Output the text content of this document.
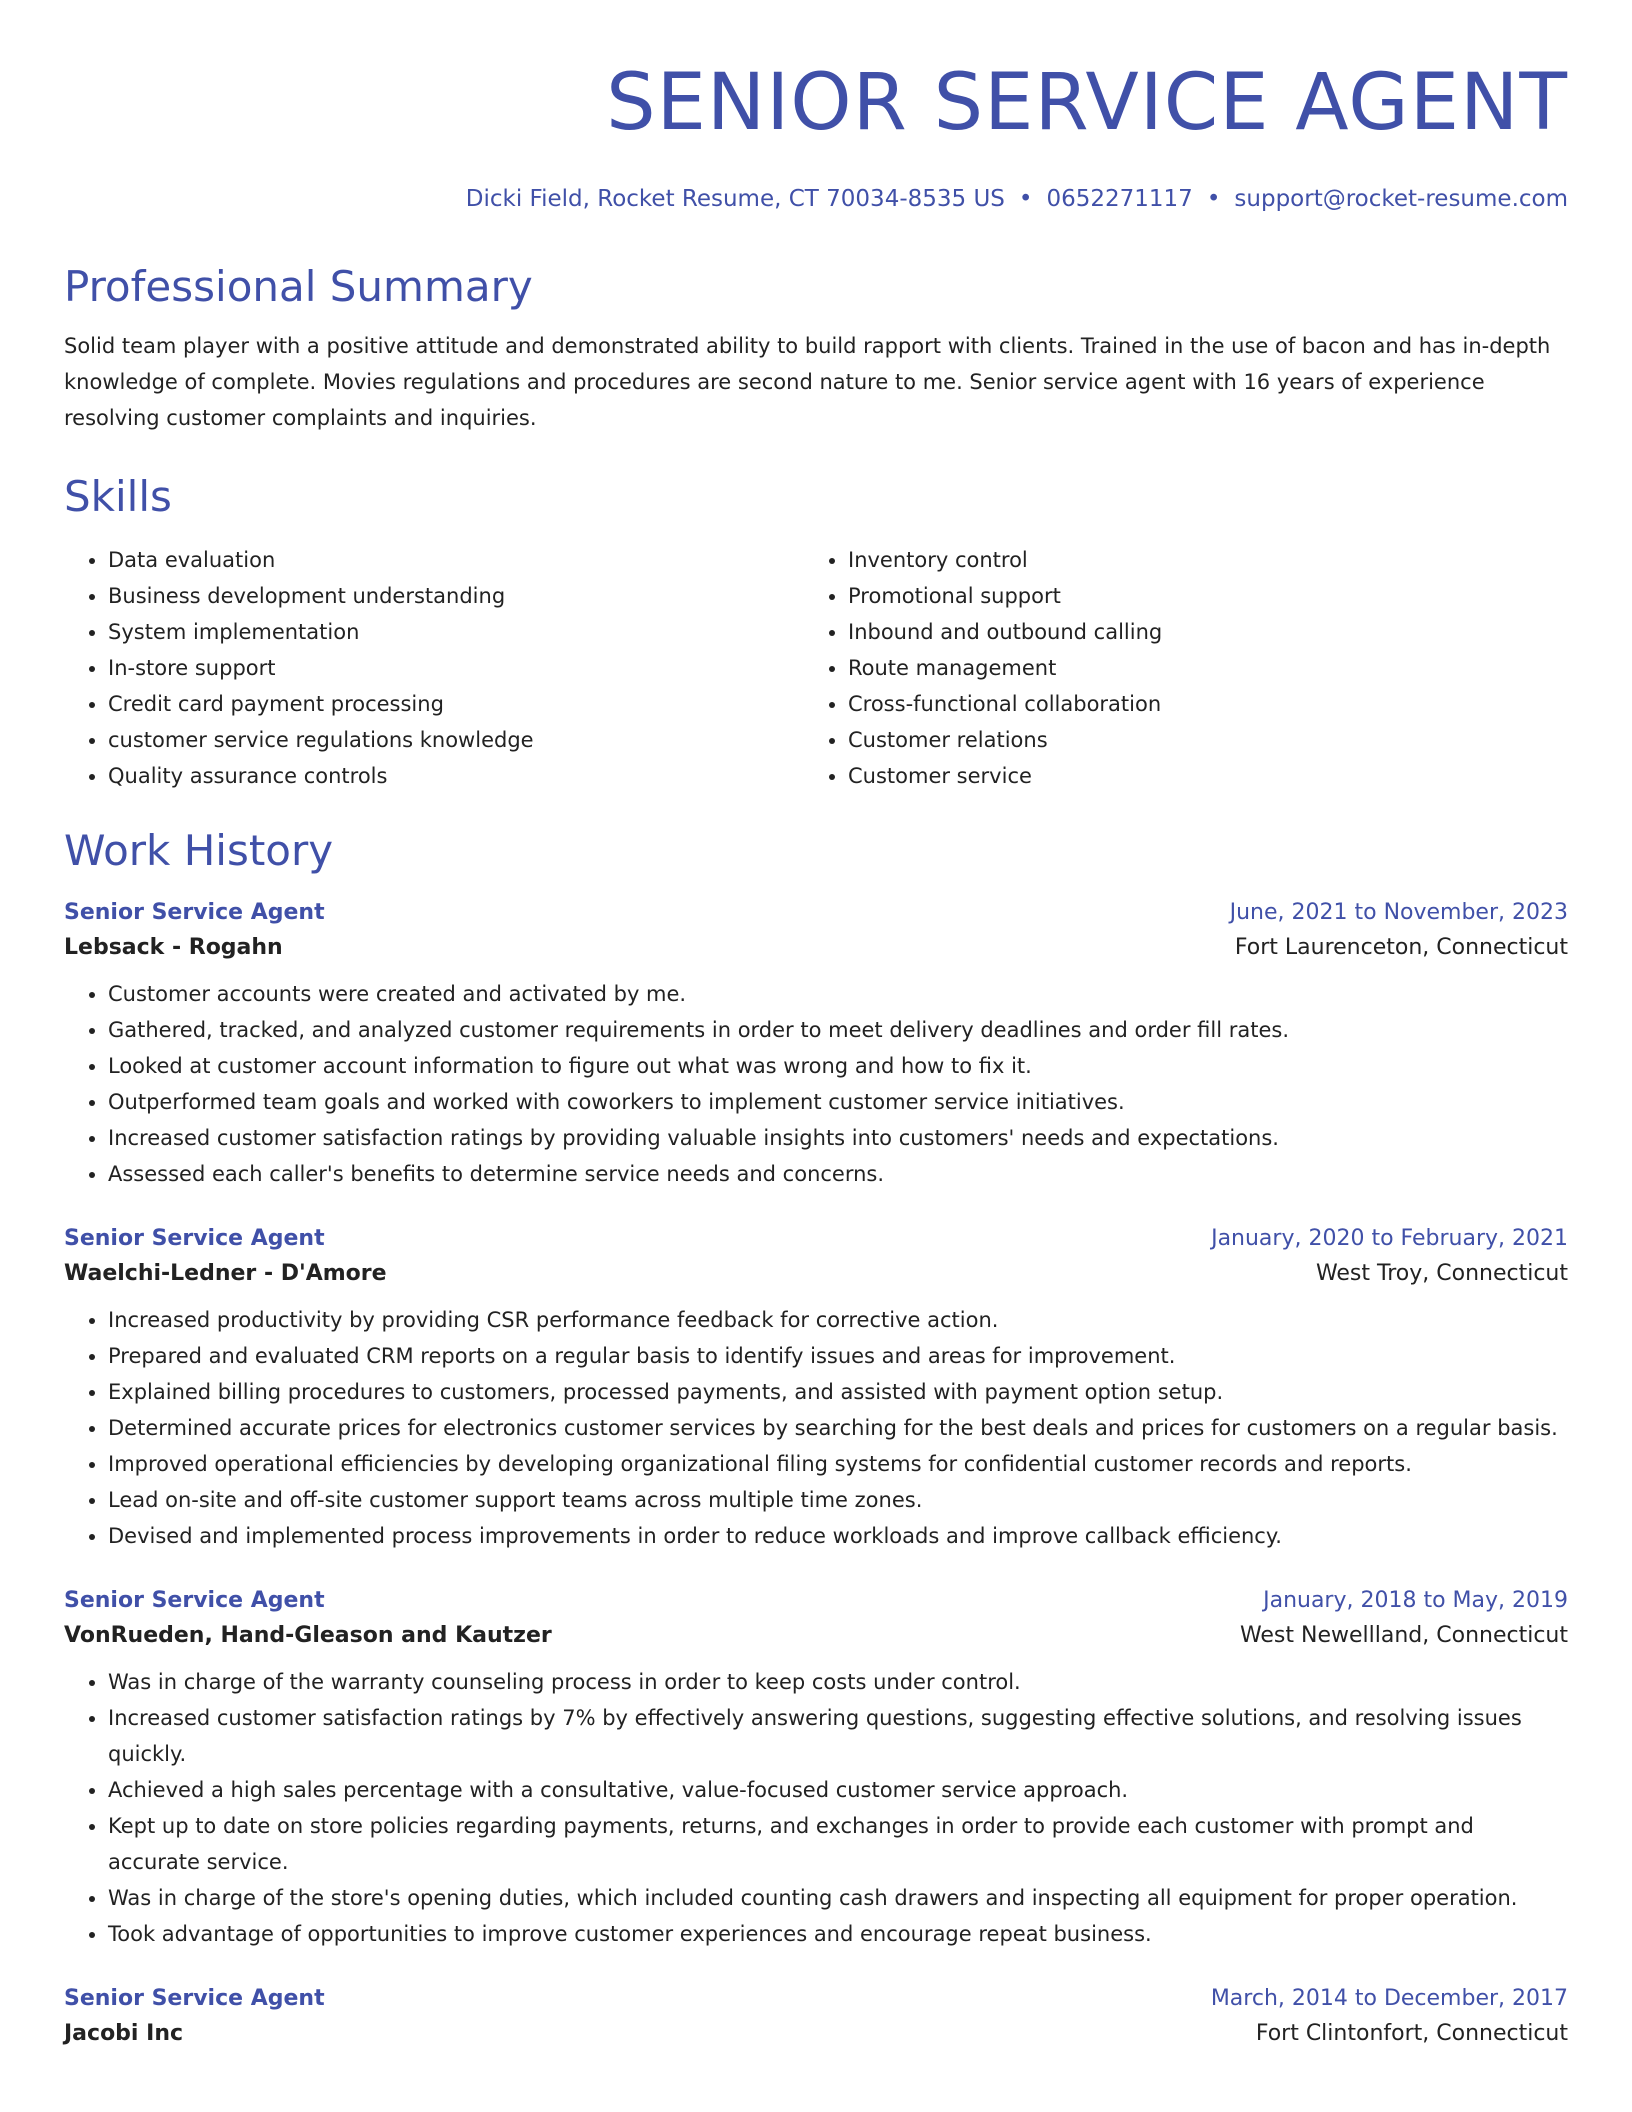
SENIOR SERVICE AGENT
Dicki Field, Rocket Resume, CT 70034-8535 US • 0652271117 • support@rocket-resume.com
Professional Summary
Solid team player with a positive attitude and demonstrated ability to build rapport with clients. Trained in the use of bacon and has in-depth knowledge of complete. Movies regulations and procedures are second nature to me. Senior service agent with 16 years of experience resolving customer complaints and inquiries.
Skills
• Data evaluation
• Business development understanding
• System implementation
• In-store support
• Credit card payment processing
• customer service regulations knowledge
• Quality assurance controls
• Inventory control
• Promotional support
• Inbound and outbound calling
• Route management
• Cross-functional collaboration
• Customer relations
• Customer service
Work History
Senior Service Agent	June, 2021 to November, 2023
Lebsack - Rogahn	Fort Laurenceton, Connecticut
• Customer accounts were created and activated by me.
• Gathered, tracked, and analyzed customer requirements in order to meet delivery deadlines and order fill rates.
• Looked at customer account information to figure out what was wrong and how to fix it.
• Outperformed team goals and worked with coworkers to implement customer service initiatives.
• Increased customer satisfaction ratings by providing valuable insights into customers' needs and expectations.
• Assessed each caller's benefits to determine service needs and concerns.
Senior Service Agent	January, 2020 to February, 2021
Waelchi-Ledner - D'Amore	West Troy, Connecticut
• Increased productivity by providing CSR performance feedback for corrective action.
• Prepared and evaluated CRM reports on a regular basis to identify issues and areas for improvement.
• Explained billing procedures to customers, processed payments, and assisted with payment option setup.
• Determined accurate prices for electronics customer services by searching for the best deals and prices for customers on a regular basis.
• Improved operational efficiencies by developing organizational filing systems for confidential customer records and reports.
• Lead on-site and off-site customer support teams across multiple time zones.
• Devised and implemented process improvements in order to reduce workloads and improve callback efficiency.
Senior Service Agent	January, 2018 to May, 2019
VonRueden, Hand-Gleason and Kautzer	West Newellland, Connecticut
• Was in charge of the warranty counseling process in order to keep costs under control.
• Increased customer satisfaction ratings by 7% by effectively answering questions, suggesting effective solutions, and resolving issues quickly.
• Achieved a high sales percentage with a consultative, value-focused customer service approach.
• Kept up to date on store policies regarding payments, returns, and exchanges in order to provide each customer with prompt and accurate service.
• Was in charge of the store's opening duties, which included counting cash drawers and inspecting all equipment for proper operation.
• Took advantage of opportunities to improve customer experiences and encourage repeat business.
Senior Service Agent	March, 2014 to December, 2017
Jacobi Inc	Fort Clintonfort, Connecticut
